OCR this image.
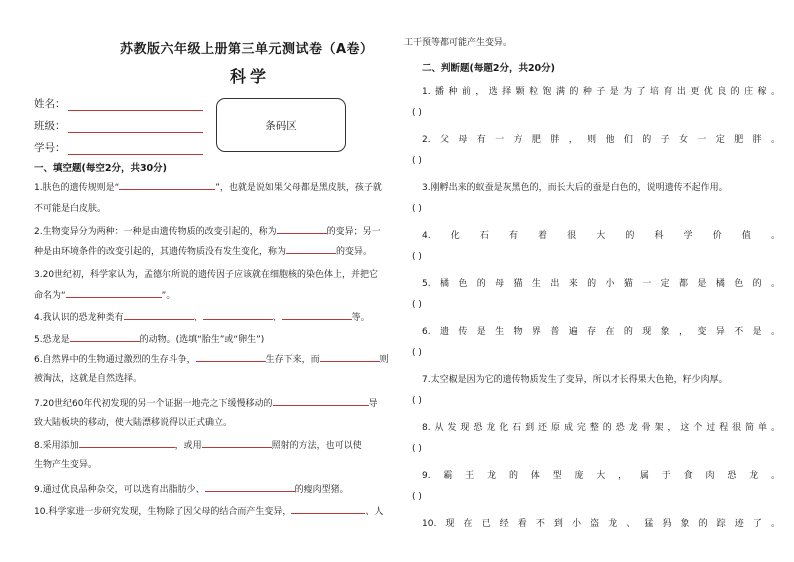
苏教版六年级上册第三单元测试卷（A卷）
科学
姓名：
班级：
学号：
条码区
一、填空题(每空2分，共30分)
1.肤色的遗传规则是“	”，也就是说如果父母都是黑皮肤，孩子就
不可能是白皮肤。
2.生物变异分为两种：一种是由遗传物质的改变引起的，称为	的变异；另一
种是由环境条件的改变引起的，其遗传物质没有发生变化，称为	的变异。
3.20世纪初，科学家认为，孟德尔所说的遗传因子应该就在细胞核的染色体上，并把它
命名为“	”。
4.我认识的恐龙种类有	、	、	等。
5.恐龙是	的动物。(选填“胎生”或“卵生”)
6.自然界中的生物通过激烈的生存斗争，	生存下来，而	则
被淘汰，这就是自然选择。
7.20世纪60年代初发现的另一个证据一地壳之下缓慢移动的	导
致大陆板块的移动，使大陆漂移说得以正式确立。
8.采用添加	，或用	照射的方法，也可以使
生物产生变异。
9.通过优良品种杂交，可以选育出脂肪少、	的瘦肉型猪。
10.科学家进一步研究发现，生物除了因父母的结合而产生变异，	、人
工干预等都可能产生变异。
二、判断题(每题2分，共20分)
1.播种前，选择颗粒饱满的种子是为了培育出更优良的庄稼。
( )
2.父母有一方肥胖，则他们的子女一定肥胖。
( )
3.刚孵出来的蚁蚕是灰黑色的，而长大后的蚕是白色的，说明遗传不起作用。
( )
4.化石有着很大的科学价值。
( )
5.橘色的母猫生出来的小猫一定都是橘色的。
( )
6.遗传是生物界普遍存在的现象，变异不是。
( )
7.太空椒是因为它的遗传物质发生了变异，所以才长得果大色艳，籽少肉厚。
( )
8.从发现恐龙化石到还原成完整的恐龙骨架，这个过程很简单。
( )
9.霸王龙的体型庞大，属于食肉恐龙。
( )
10.现在已经看不到小盗龙、猛犸象的踪迹了。
